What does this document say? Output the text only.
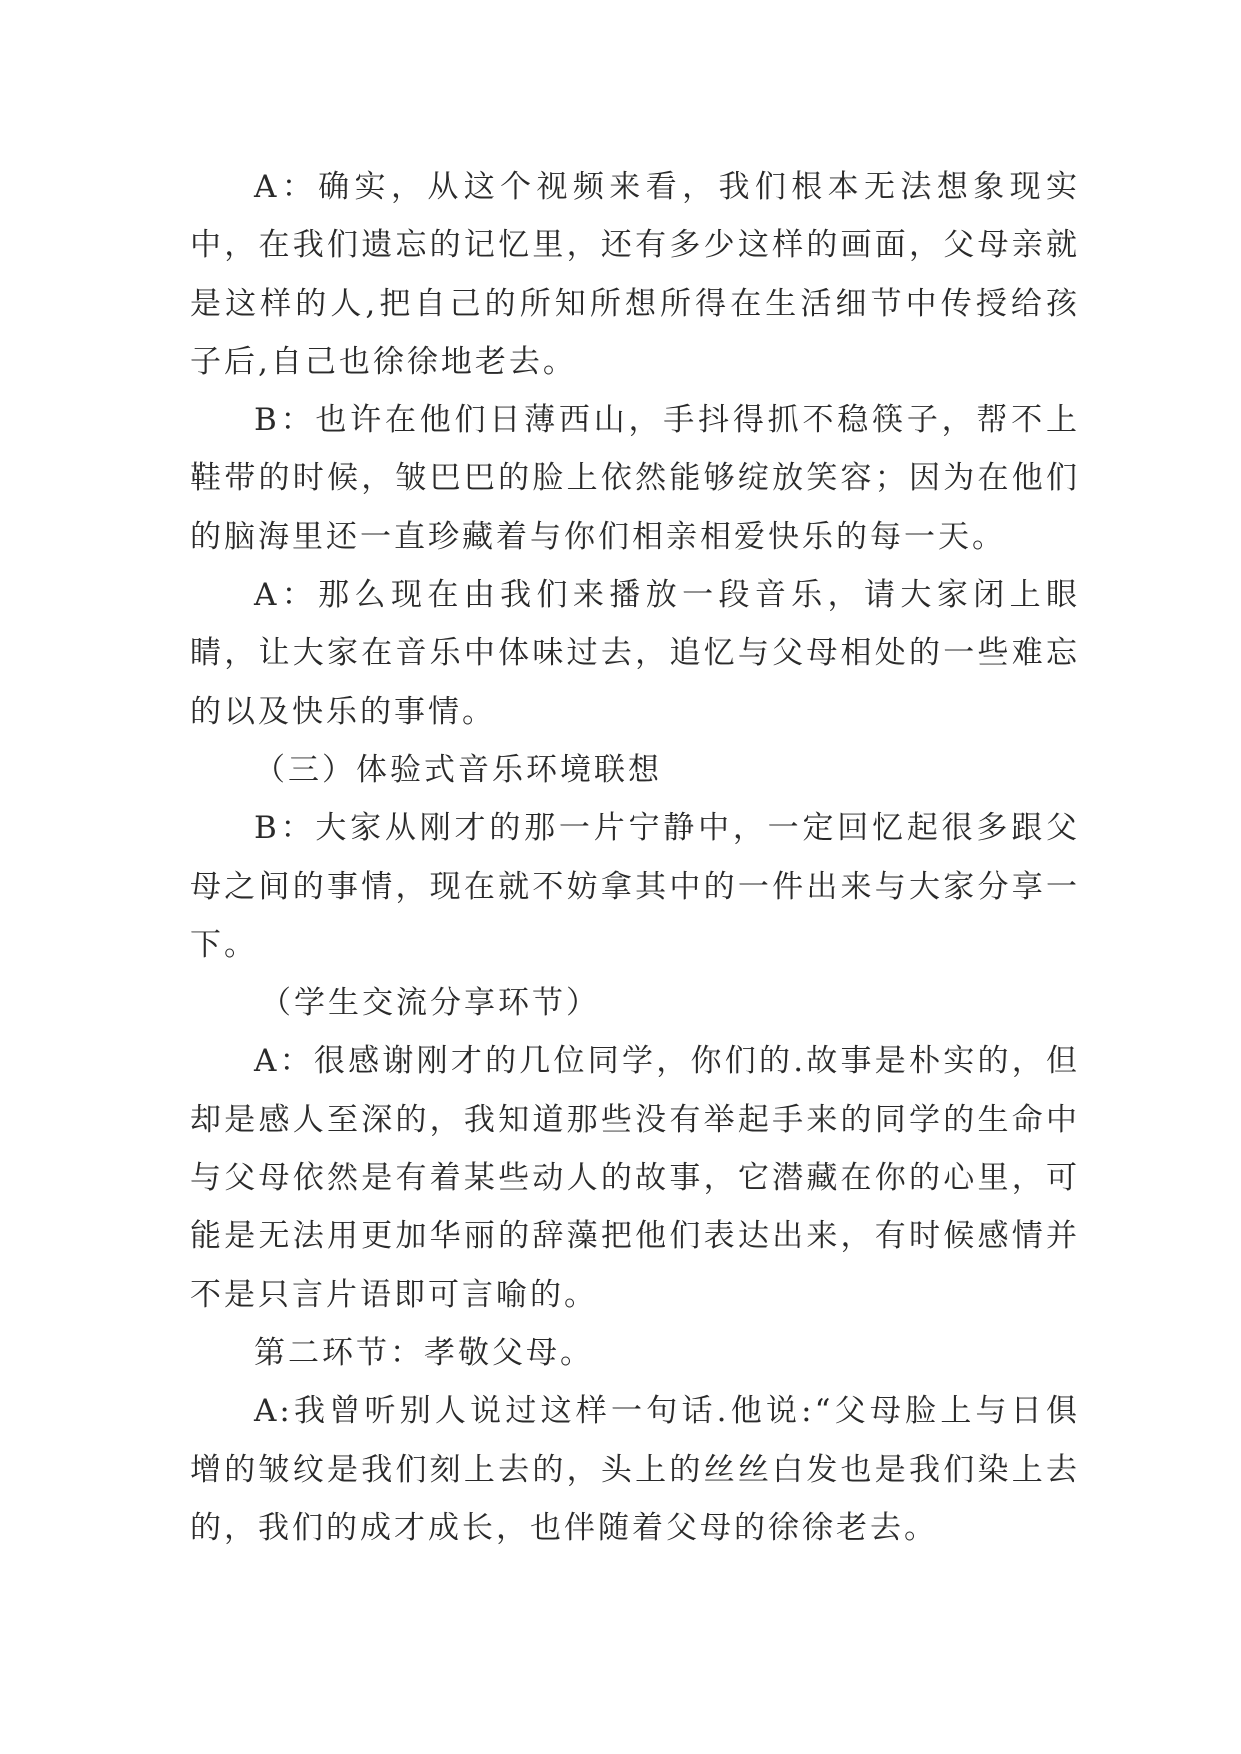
A：确实，从这个视频来看，我们根本无法想象现实中，在我们遗忘的记忆里，还有多少这样的画面，父母亲就是这样的人,把自己的所知所想所得在生活细节中传授给孩子后,自己也徐徐地老去。

B：也许在他们日薄西山，手抖得抓不稳筷子，帮不上鞋带的时候，皱巴巴的脸上依然能够绽放笑容；因为在他们的脑海里还一直珍藏着与你们相亲相爱快乐的每一天。

A：那么现在由我们来播放一段音乐，请大家闭上眼睛，让大家在音乐中体味过去，追忆与父母相处的一些难忘的以及快乐的事情。

（三）体验式音乐环境联想

B：大家从刚才的那一片宁静中，一定回忆起很多跟父母之间的事情，现在就不妨拿其中的一件出来与大家分享一下。

（学生交流分享环节）

A：很感谢刚才的几位同学，你们的.故事是朴实的，但却是感人至深的，我知道那些没有举起手来的同学的生命中与父母依然是有着某些动人的故事，它潜藏在你的心里，可能是无法用更加华丽的辞藻把他们表达出来，有时候感情并不是只言片语即可言喻的。

第二环节：孝敬父母。

A:我曾听别人说过这样一句话.他说:“父母脸上与日俱增的皱纹是我们刻上去的，头上的丝丝白发也是我们染上去的，我们的成才成长，也伴随着父母的徐徐老去。
